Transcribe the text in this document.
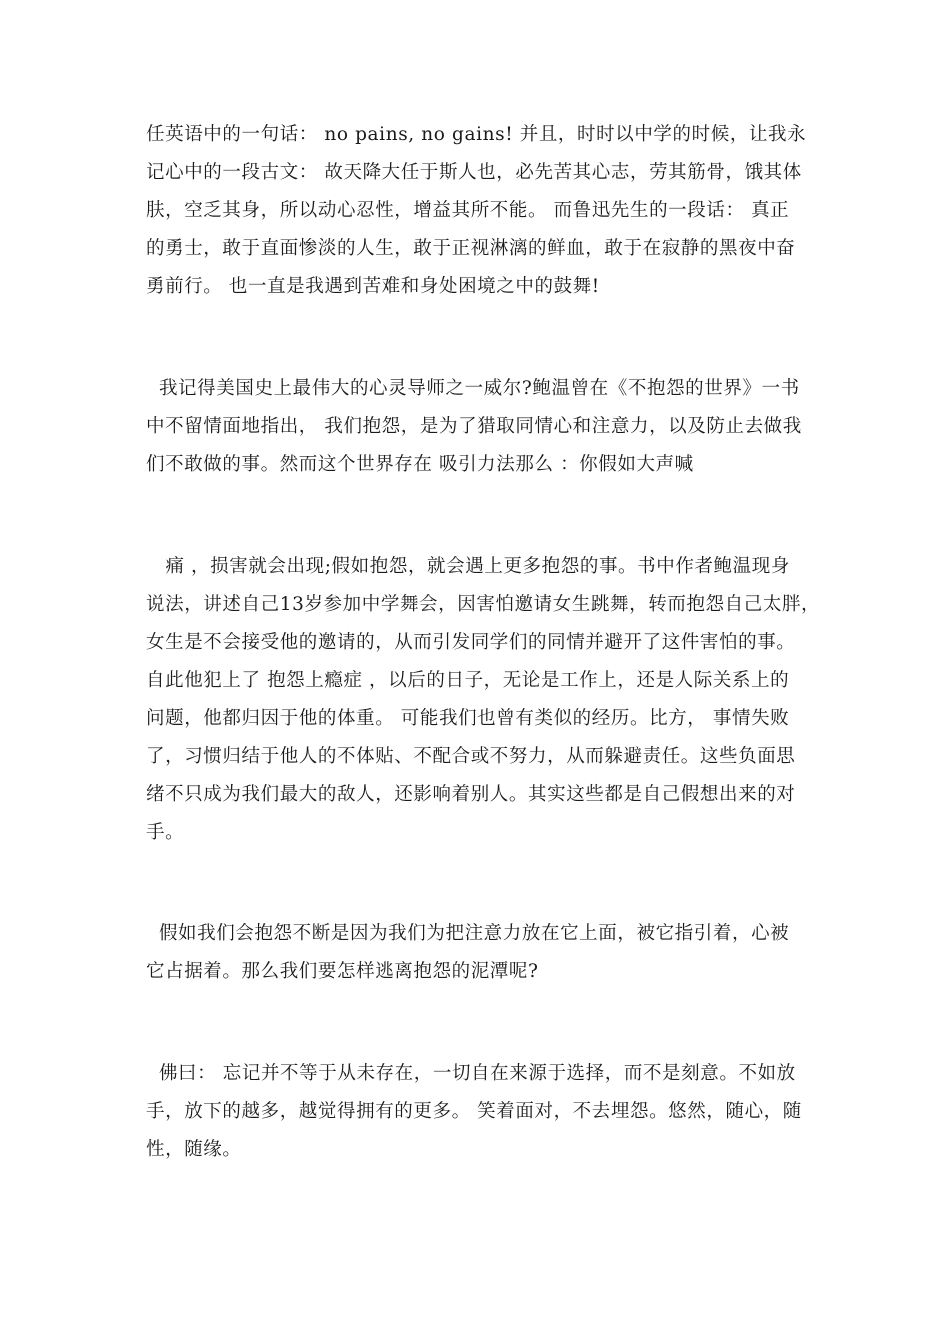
任英语中的一句话： no pains, no gains! 并且，时时以中学的时候，让我永
记心中的一段古文： 故天降大任于斯人也，必先苦其心志，劳其筋骨，饿其体
肤，空乏其身，所以动心忍性，增益其所不能。 而鲁迅先生的一段话： 真正
的勇士，敢于直面惨淡的人生，敢于正视淋漓的鲜血，敢于在寂静的黑夜中奋
勇前行。 也一直是我遇到苦难和身处困境之中的鼓舞!
我记得美国史上最伟大的心灵导师之一威尔?鲍温曾在《不抱怨的世界》一书
中不留情面地指出， 我们抱怨，是为了猎取同情心和注意力，以及防止去做我
们不敢做的事。然而这个世界存在 吸引力法那么 ：你假如大声喊
痛 ，损害就会出现;假如抱怨，就会遇上更多抱怨的事。书中作者鲍温现身
说法，讲述自己13岁参加中学舞会，因害怕邀请女生跳舞，转而抱怨自己太胖，
女生是不会接受他的邀请的，从而引发同学们的同情并避开了这件害怕的事。
自此他犯上了 抱怨上瘾症 ，以后的日子，无论是工作上，还是人际关系上的
问题，他都归因于他的体重。 可能我们也曾有类似的经历。比方， 事情失败
了，习惯归结于他人的不体贴、不配合或不努力，从而躲避责任。这些负面思
绪不只成为我们最大的敌人，还影响着别人。其实这些都是自己假想出来的对
手。
假如我们会抱怨不断是因为我们为把注意力放在它上面，被它指引着，心被
它占据着。那么我们要怎样逃离抱怨的泥潭呢?
佛曰： 忘记并不等于从未存在，一切自在来源于选择，而不是刻意。不如放
手，放下的越多，越觉得拥有的更多。 笑着面对，不去埋怨。悠然，随心，随
性，随缘。
